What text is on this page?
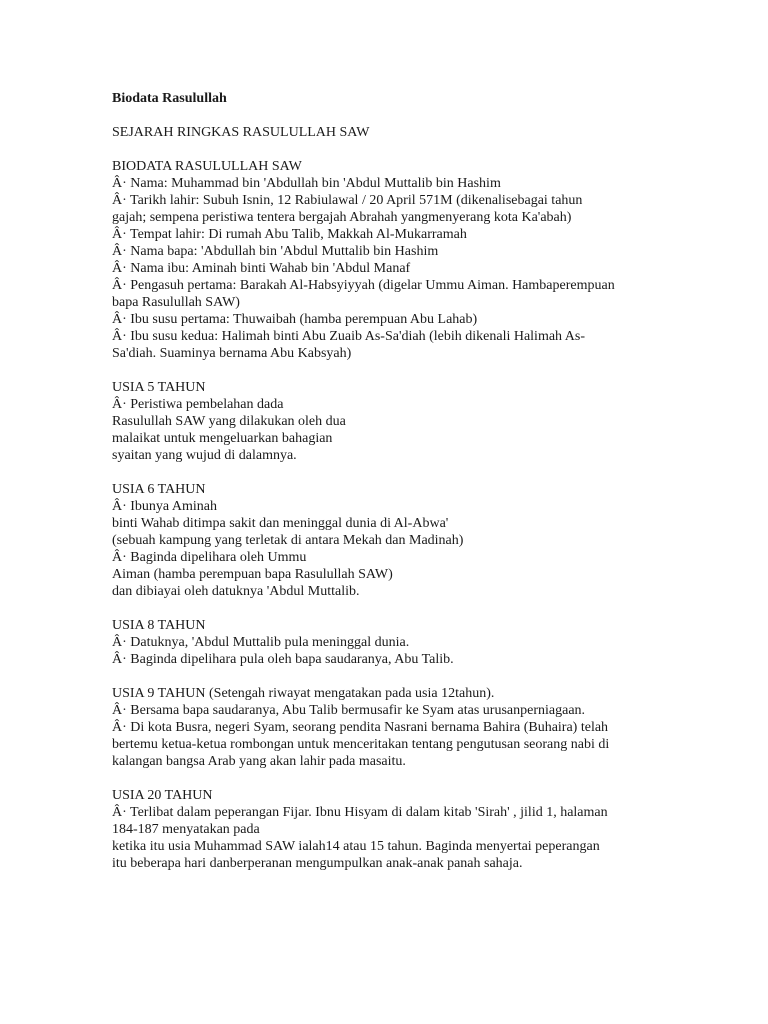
Biodata Rasulullah
SEJARAH RINGKAS RASULULLAH SAW
BIODATA RASULULLAH SAW
Â· Nama: Muhammad bin 'Abdullah bin 'Abdul Muttalib bin Hashim
Â· Tarikh lahir: Subuh Isnin, 12 Rabiulawal / 20 April 571M (dikenalisebagai tahun
gajah; sempena peristiwa tentera bergajah Abrahah yangmenyerang kota Ka'abah)
Â· Tempat lahir: Di rumah Abu Talib, Makkah Al-Mukarramah
Â· Nama bapa: 'Abdullah bin 'Abdul Muttalib bin Hashim
Â· Nama ibu: Aminah binti Wahab bin 'Abdul Manaf
Â· Pengasuh pertama: Barakah Al-Habsyiyyah (digelar Ummu Aiman. Hambaperempuan
bapa Rasulullah SAW)
Â· Ibu susu pertama: Thuwaibah (hamba perempuan Abu Lahab)
Â· Ibu susu kedua: Halimah binti Abu Zuaib As-Sa'diah (lebih dikenali Halimah As-
Sa'diah. Suaminya bernama Abu Kabsyah)
USIA 5 TAHUN
Â· Peristiwa pembelahan dada
Rasulullah SAW yang dilakukan oleh dua
malaikat untuk mengeluarkan bahagian
syaitan yang wujud di dalamnya.
USIA 6 TAHUN
Â· Ibunya Aminah
binti Wahab ditimpa sakit dan meninggal dunia di Al-Abwa'
(sebuah kampung yang terletak di antara Mekah dan Madinah)
Â· Baginda dipelihara oleh Ummu
Aiman (hamba perempuan bapa Rasulullah SAW)
dan dibiayai oleh datuknya 'Abdul Muttalib.
USIA 8 TAHUN
Â· Datuknya, 'Abdul Muttalib pula meninggal dunia.
Â· Baginda dipelihara pula oleh bapa saudaranya, Abu Talib.
USIA 9 TAHUN (Setengah riwayat mengatakan pada usia 12tahun).
Â· Bersama bapa saudaranya, Abu Talib bermusafir ke Syam atas urusanperniagaan.
Â· Di kota Busra, negeri Syam, seorang pendita Nasrani bernama Bahira (Buhaira) telah
bertemu ketua-ketua rombongan untuk menceritakan tentang pengutusan seorang nabi di
kalangan bangsa Arab yang akan lahir pada masaitu.
USIA 20 TAHUN
Â· Terlibat dalam peperangan Fijar. Ibnu Hisyam di dalam kitab 'Sirah' , jilid 1, halaman
184-187 menyatakan pada
ketika itu usia Muhammad SAW ialah14 atau 15 tahun. Baginda menyertai peperangan
itu beberapa hari danberperanan mengumpulkan anak-anak panah sahaja.
